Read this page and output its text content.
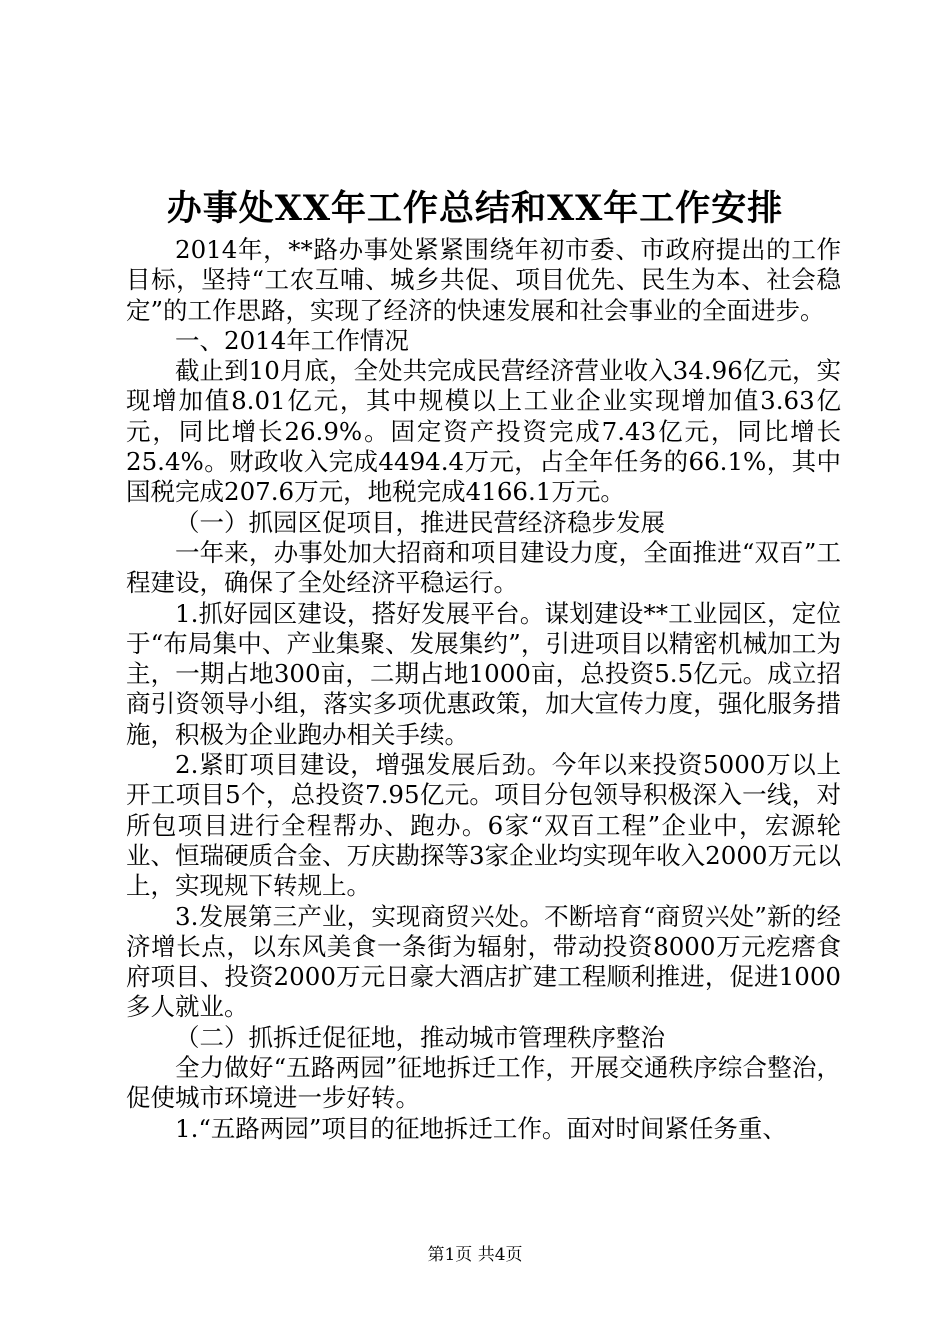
办事处XX年工作总结和XX年工作安排

2014年，**路办事处紧紧围绕年初市委、市政府提出的工作目标，坚持“工农互哺、城乡共促、项目优先、民生为本、社会稳定”的工作思路，实现了经济的快速发展和社会事业的全面进步。

一、2014年工作情况

截止到10月底，全处共完成民营经济营业收入34.96亿元，实现增加值8.01亿元，其中规模以上工业企业实现增加值3.63亿元，同比增长26.9%。固定资产投资完成7.43亿元，同比增长25.4%。财政收入完成4494.4万元，占全年任务的66.1%，其中国税完成207.6万元，地税完成4166.1万元。

（一）抓园区促项目，推进民营经济稳步发展

一年来，办事处加大招商和项目建设力度，全面推进“双百”工程建设，确保了全处经济平稳运行。

1.抓好园区建设，搭好发展平台。谋划建设**工业园区，定位于“布局集中、产业集聚、发展集约”，引进项目以精密机械加工为主，一期占地300亩，二期占地1000亩，总投资5.5亿元。成立招商引资领导小组，落实多项优惠政策，加大宣传力度，强化服务措施，积极为企业跑办相关手续。

2.紧盯项目建设，增强发展后劲。今年以来投资5000万以上开工项目5个，总投资7.95亿元。项目分包领导积极深入一线，对所包项目进行全程帮办、跑办。6家“双百工程”企业中，宏源轮业、恒瑞硬质合金、万庆勘探等3家企业均实现年收入2000万元以上，实现规下转规上。

3.发展第三产业，实现商贸兴处。不断培育“商贸兴处”新的经济增长点，以东风美食一条街为辐射，带动投资8000万元疙瘩食府项目、投资2000万元日豪大酒店扩建工程顺利推进，促进1000多人就业。

（二）抓拆迁促征地，推动城市管理秩序整治

全力做好“五路两园”征地拆迁工作，开展交通秩序综合整治，促使城市环境进一步好转。

1.“五路两园”项目的征地拆迁工作。面对时间紧任务重、

第1页 共4页
